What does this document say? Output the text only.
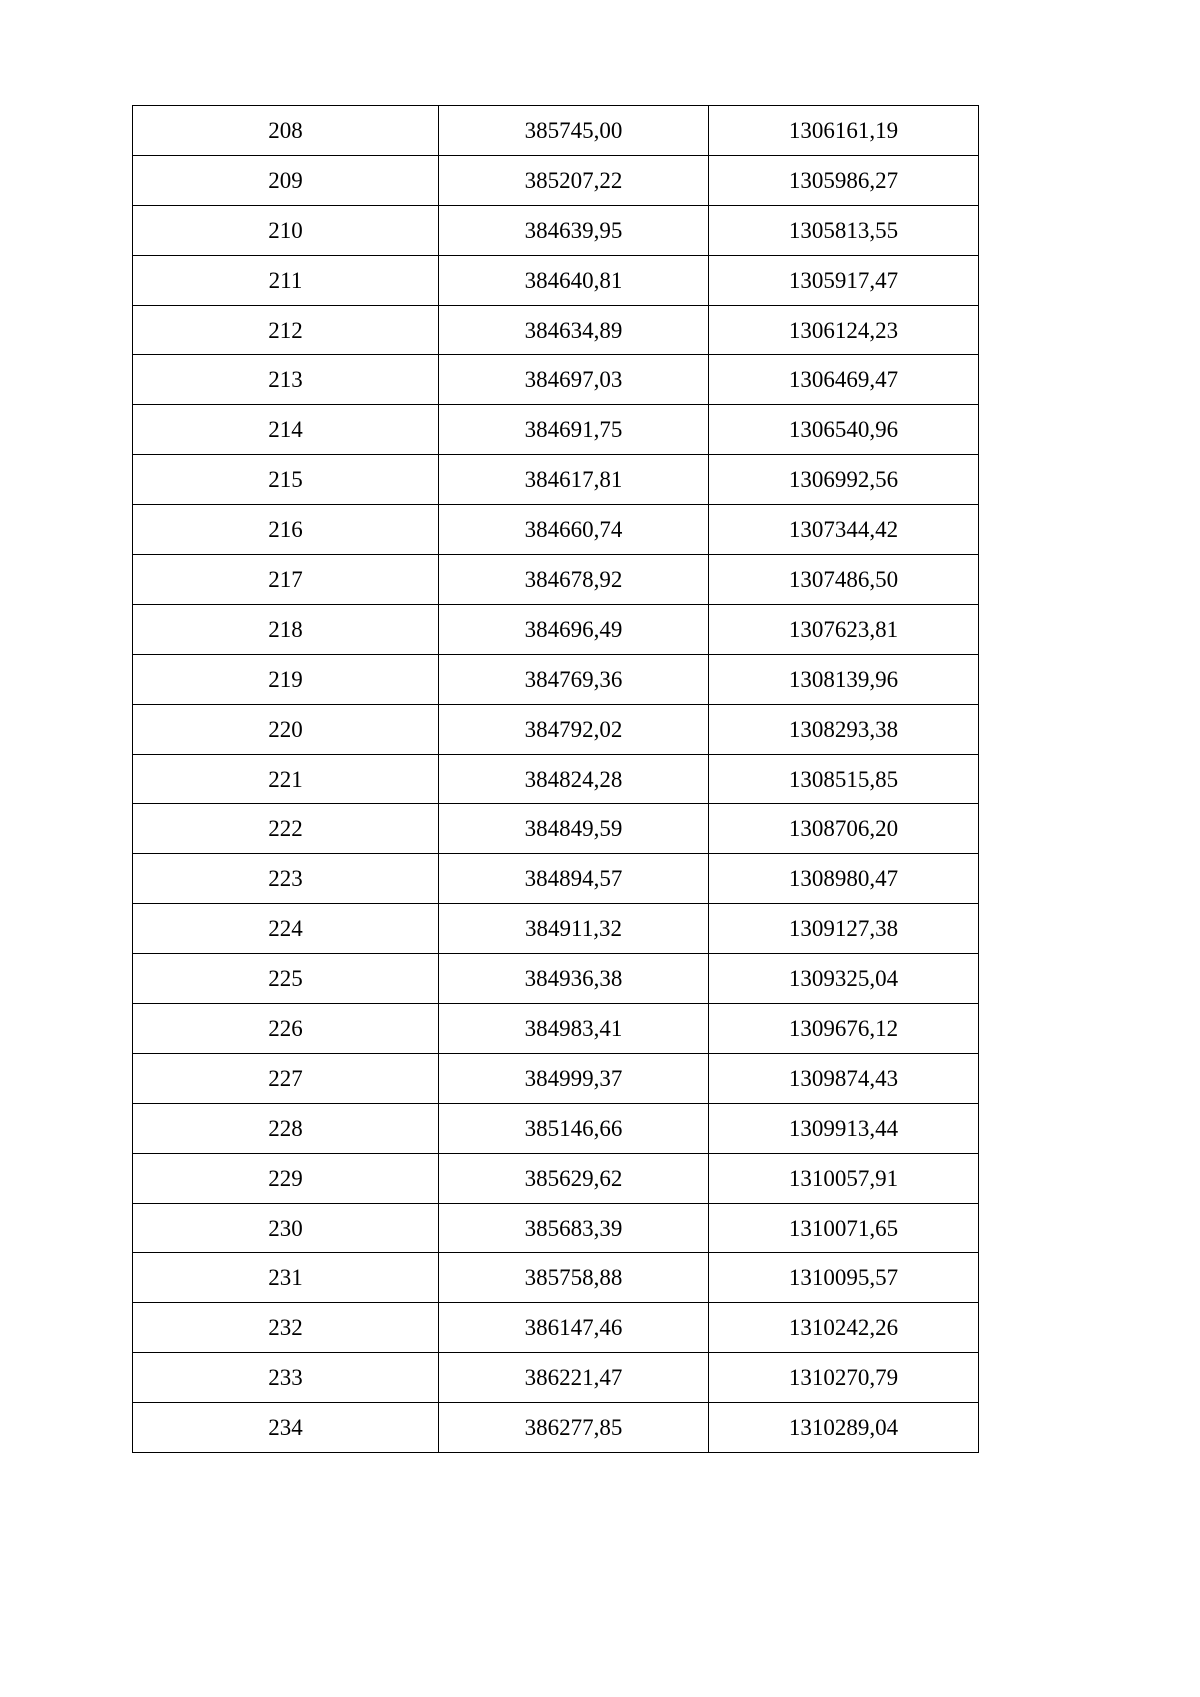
208	385745,00	1306161,19
209	385207,22	1305986,27
210	384639,95	1305813,55
211	384640,81	1305917,47
212	384634,89	1306124,23
213	384697,03	1306469,47
214	384691,75	1306540,96
215	384617,81	1306992,56
216	384660,74	1307344,42
217	384678,92	1307486,50
218	384696,49	1307623,81
219	384769,36	1308139,96
220	384792,02	1308293,38
221	384824,28	1308515,85
222	384849,59	1308706,20
223	384894,57	1308980,47
224	384911,32	1309127,38
225	384936,38	1309325,04
226	384983,41	1309676,12
227	384999,37	1309874,43
228	385146,66	1309913,44
229	385629,62	1310057,91
230	385683,39	1310071,65
231	385758,88	1310095,57
232	386147,46	1310242,26
233	386221,47	1310270,79
234	386277,85	1310289,04
